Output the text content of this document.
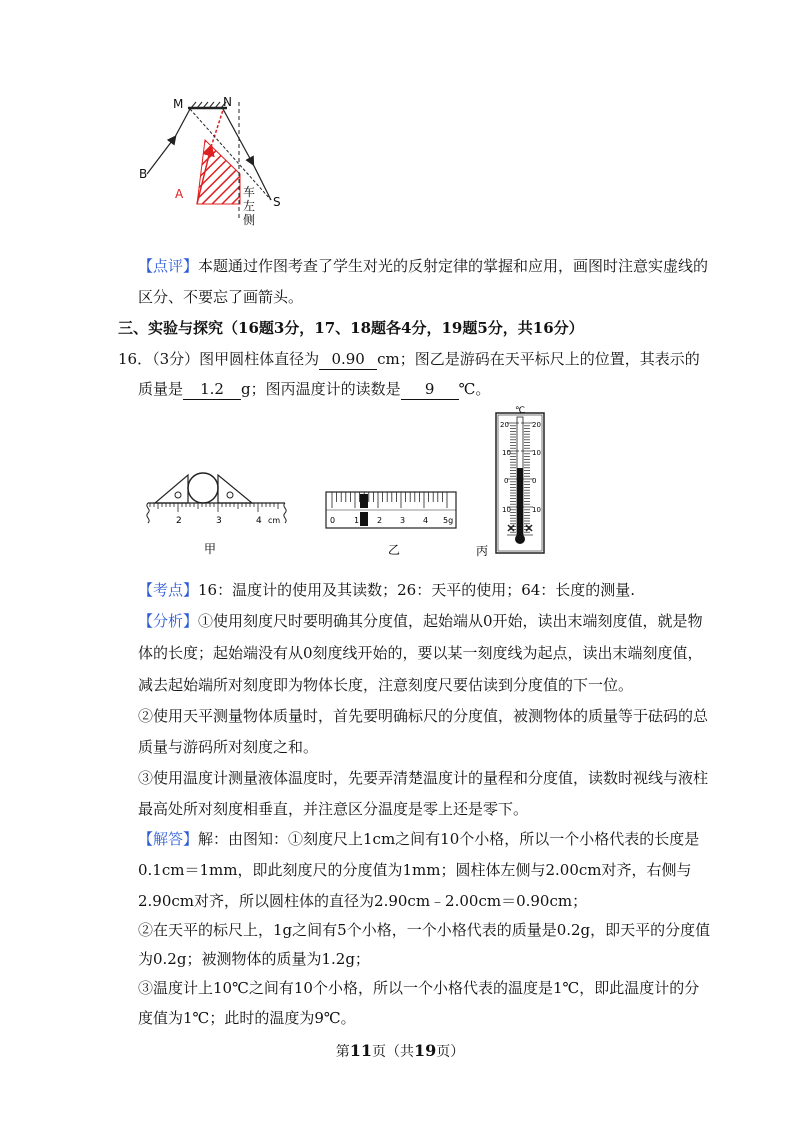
M	N
B
A
S
车
左
侧
【点评】本题通过作图考查了学生对光的反射定律的掌握和应用，画图时注意实虚线的
区分、不要忘了画箭头。
三、实验与探究（16题3分，17、18题各4分，19题5分，共16分）
16．（3分）图甲圆柱体直径为 0.90 cm；图乙是游码在天平标尺上的位置，其表示的
质量是 1.2 g；图丙温度计的读数是 9 ℃。
2	3	4 cm
甲
0 1 2 3 4 5g
乙
℃
20
10
0
10
20
10
0
10
丙
【考点】16：温度计的使用及其读数；26：天平的使用；64：长度的测量.
【分析】①使用刻度尺时要明确其分度值，起始端从0开始，读出末端刻度值，就是物
体的长度；起始端没有从0刻度线开始的，要以某一刻度线为起点，读出末端刻度值，
减去起始端所对刻度即为物体长度，注意刻度尺要估读到分度值的下一位。
②使用天平测量物体质量时，首先要明确标尺的分度值，被测物体的质量等于砝码的总
质量与游码所对刻度之和。
③使用温度计测量液体温度时，先要弄清楚温度计的量程和分度值，读数时视线与液柱
最高处所对刻度相垂直，并注意区分温度是零上还是零下。
【解答】解：由图知：①刻度尺上1cm之间有10个小格，所以一个小格代表的长度是
0.1cm＝1mm，即此刻度尺的分度值为1mm；圆柱体左侧与2.00cm对齐，右侧与
2.90cm对齐，所以圆柱体的直径为2.90cm﹣2.00cm＝0.90cm；
②在天平的标尺上，1g之间有5个小格，一个小格代表的质量是0.2g，即天平的分度值
为0.2g；被测物体的质量为1.2g；
③温度计上10℃之间有10个小格，所以一个小格代表的温度是1℃，即此温度计的分
度值为1℃；此时的温度为9℃。
第11页（共19页）
